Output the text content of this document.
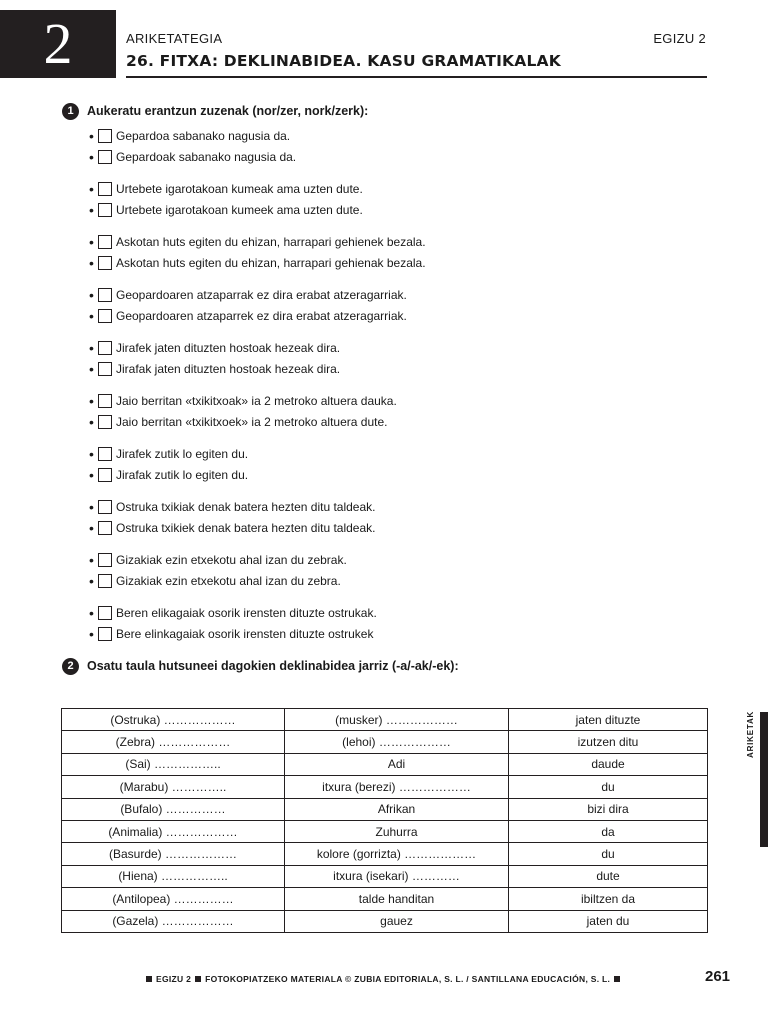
2	ARIKETATEGIA	EGIZU 2
26. FITXA: DEKLINABIDEA. KASU GRAMATIKALAK
1	Aukeratu erantzun zuzenak (nor/zer, nork/zerk):
•	Gepardoa sabanako nagusia da.
•	Gepardoak sabanako nagusia da.
•	Urtebete igarotakoan kumeak ama uzten dute.
•	Urtebete igarotakoan kumeek ama uzten dute.
•	Askotan huts egiten du ehizan, harrapari gehienek bezala.
•	Askotan huts egiten du ehizan, harrapari gehienak bezala.
•	Geopardoaren atzaparrak ez dira erabat atzeragarriak.
•	Geopardoaren atzaparrek ez dira erabat atzeragarriak.
•	Jirafek jaten dituzten hostoak hezeak dira.
•	Jirafak jaten dituzten hostoak hezeak dira.
•	Jaio berritan «txikitxoak» ia 2 metroko altuera dauka.
•	Jaio berritan «txikitxoek» ia 2 metroko altuera dute.
•	Jirafek zutik lo egiten du.
•	Jirafak zutik lo egiten du.
•	Ostruka txikiak denak batera hezten ditu taldeak.
•	Ostruka txikiek denak batera hezten ditu taldeak.
•	Gizakiak ezin etxekotu ahal izan du zebrak.
•	Gizakiak ezin etxekotu ahal izan du zebra.
•	Beren elikagaiak osorik irensten dituzte ostrukak.
•	Bere elinkagaiak osorik irensten dituzte ostrukek
2	Osatu taula hutsuneei dagokien deklinabidea jarriz (-a/-ak/-ek):
(Ostruka) ………………	(musker) ………………	jaten dituzte
(Zebra) ………………	(lehoi) ………………	izutzen ditu
(Sai) ……………..	Adi	daude
(Marabu) …………..	itxura (berezi) ………………	du
(Bufalo) ……………	Afrikan	bizi dira
(Animalia) ………………	Zuhurra	da
(Basurde) ………………	kolore (gorrizta) ………………	du
(Hiena) ……………..	itxura (isekari) …………	dute
(Antilopea) ……………	talde handitan	ibiltzen da
(Gazela) ………………	gauez	jaten du
ARIKETAK
EGIZU 2 FOTOKOPIATZEKO MATERIALA © ZUBIA EDITORIALA, S. L. / SANTILLANA EDUCACIÓN, S. L.	261
